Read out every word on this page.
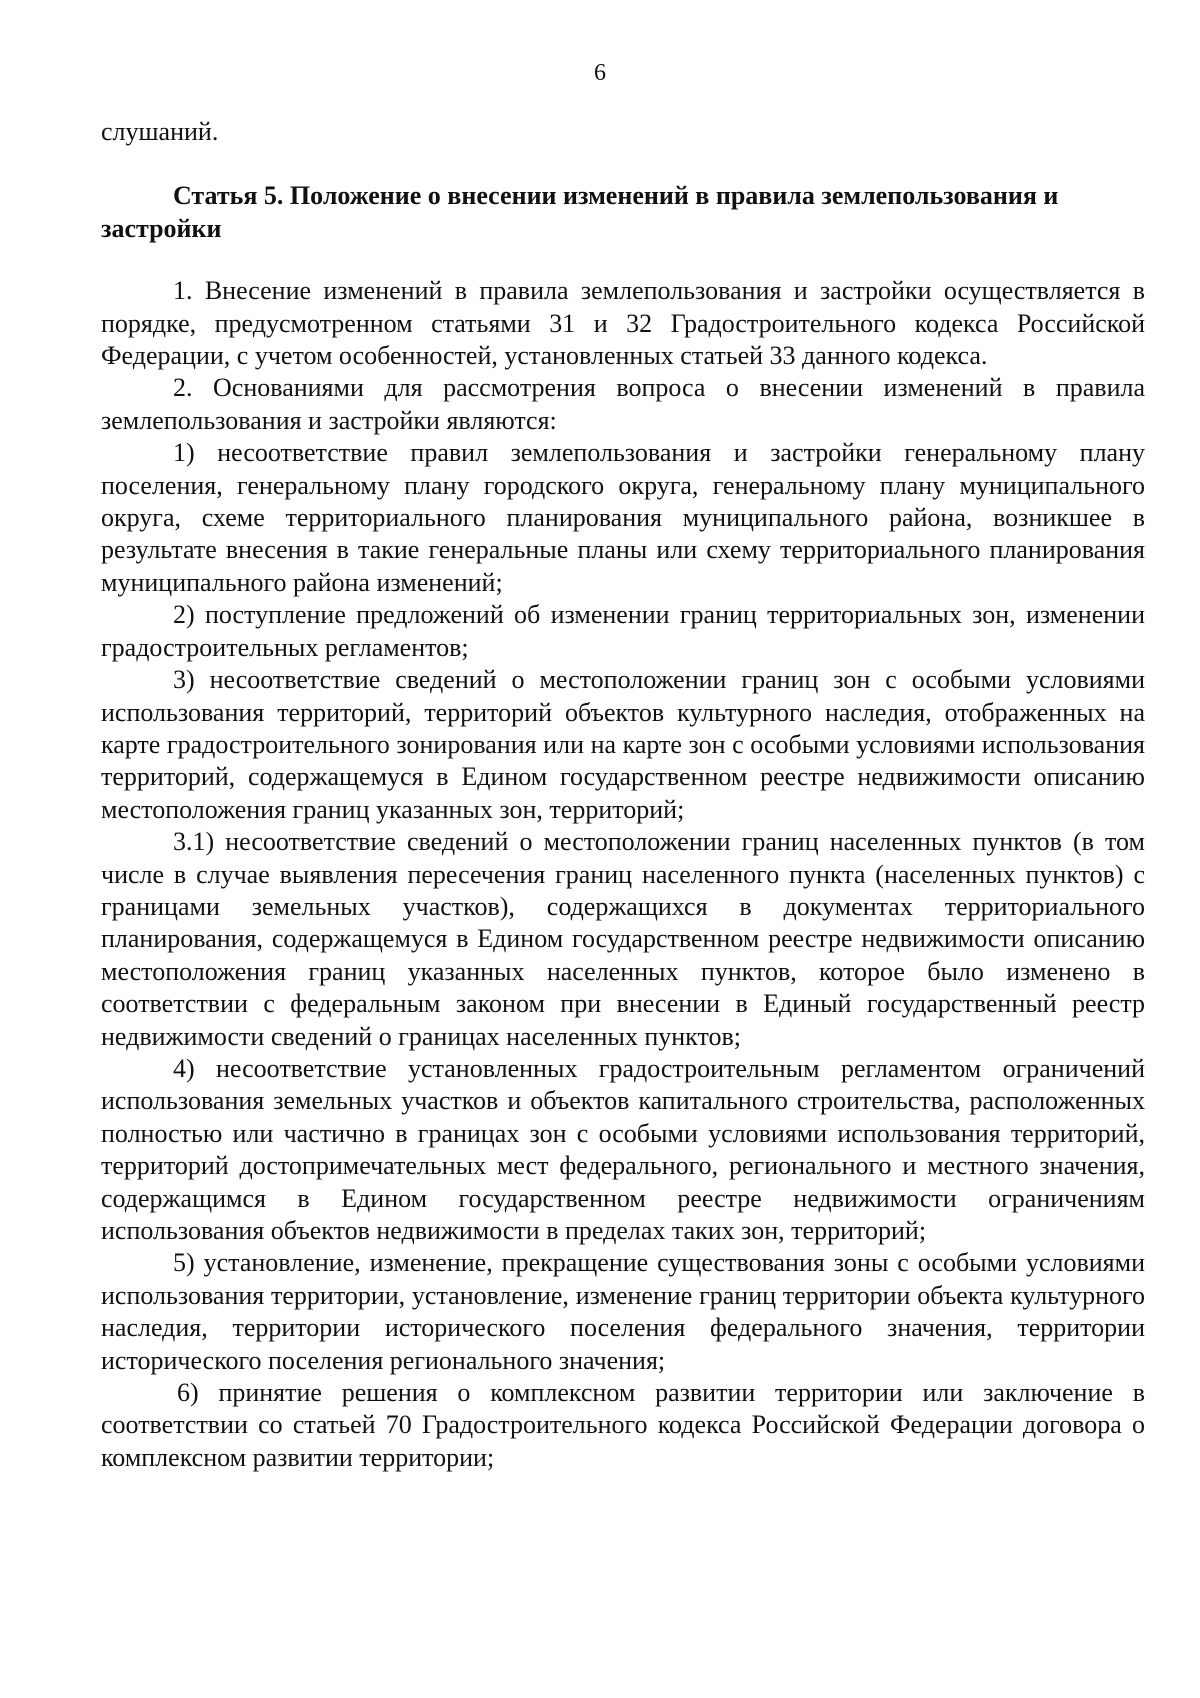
6

слушаний.

Статья 5. Положение о внесении изменений в правила землепользования и застройки

1. Внесение изменений в правила землепользования и застройки осуществляется в порядке, предусмотренном статьями 31 и 32 Градостроительного кодекса Российской Федерации, с учетом особенностей, установленных статьей 33 данного кодекса.

2. Основаниями для рассмотрения вопроса о внесении изменений в правила землепользования и застройки являются:

1) несоответствие правил землепользования и застройки генеральному плану поселения, генеральному плану городского округа, генеральному плану муниципального округа, схеме территориального планирования муниципального района, возникшее в результате внесения в такие генеральные планы или схему территориального планирования муниципального района изменений;

2) поступление предложений об изменении границ территориальных зон, изменении градостроительных регламентов;

3) несоответствие сведений о местоположении границ зон с особыми условиями использования территорий, территорий объектов культурного наследия, отображенных на карте градостроительного зонирования или на карте зон с особыми условиями использования территорий, содержащемуся в Едином государственном реестре недвижимости описанию местоположения границ указанных зон, территорий;

3.1) несоответствие сведений о местоположении границ населенных пунктов (в том числе в случае выявления пересечения границ населенного пункта (населенных пунктов) с границами земельных участков), содержащихся в документах территориального планирования, содержащемуся в Едином государственном реестре недвижимости описанию местоположения границ указанных населенных пунктов, которое было изменено в соответствии с федеральным законом при внесении в Единый государственный реестр недвижимости сведений о границах населенных пунктов;

4) несоответствие установленных градостроительным регламентом ограничений использования земельных участков и объектов капитального строительства, расположенных полностью или частично в границах зон с особыми условиями использования территорий, территорий достопримечательных мест федерального, регионального и местного значения, содержащимся в Едином государственном реестре недвижимости ограничениям использования объектов недвижимости в пределах таких зон, территорий;

5) установление, изменение, прекращение существования зоны с особыми условиями использования территории, установление, изменение границ территории объекта культурного наследия, территории исторического поселения федерального значения, территории исторического поселения регионального значения;

6) принятие решения о комплексном развитии территории или заключение в соответствии со статьей 70 Градостроительного кодекса Российской Федерации договора о комплексном развитии территории;
